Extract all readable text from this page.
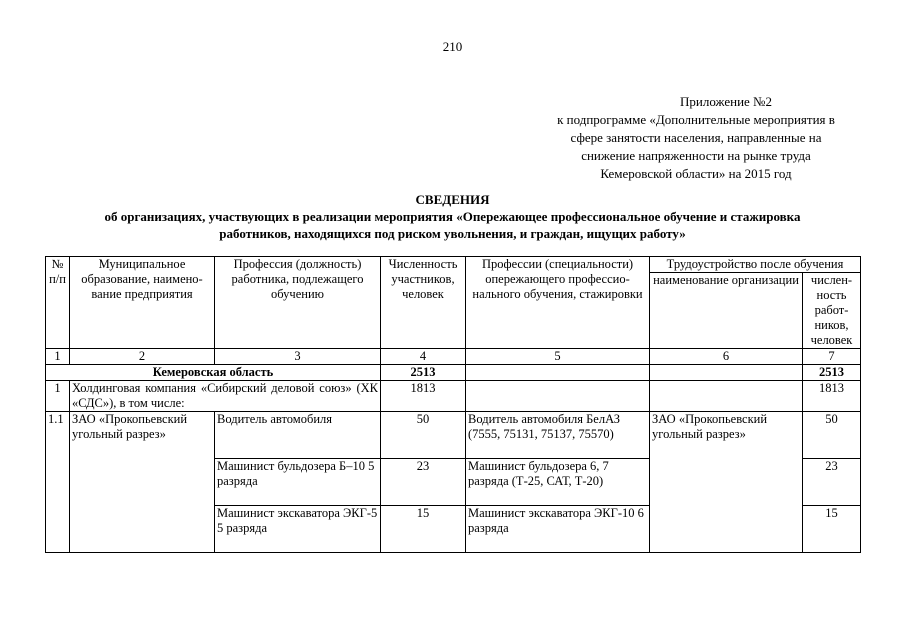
210
Приложение №2
к подпрограмме «Дополнительные мероприятия в
сфере занятости населения, направленные на
снижение напряженности на рынке труда
Кемеровской области» на 2015 год
СВЕДЕНИЯ
об организациях, участвующих в реализации мероприятия «Опережающее профессиональное обучение и стажировка
работников, находящихся под риском увольнения, и граждан, ищущих работу»
№ п/п	Муниципальное образование, наимено-вание предприятия	Профессия (должность) работника, подлежащего обучению	Численность участников, человек	Профессии (специальности) опережающего профессио-нального обучения, стажировки	Трудоустройство после обучения	
					наименование организации	числен-ность работ-ников, человек
1	2	3	4	5	6	7
Кемеровская область			2513			2513
1	Холдинговая компания «Сибирский деловой союз» (ХК «СДС»), в том числе:		1813			1813
1.1	ЗАО «Прокопьевский угольный разрез»	Водитель автомобиля	50	Водитель автомобиля БелАЗ (7555, 75131, 75137, 75570)	ЗАО «Прокопьевский угольный разрез»	50
		Машинист бульдозера Б–10 5 разряда	23	Машинист бульдозера 6, 7 разряда (Т-25, САТ, Т-20)		23
		Машинист экскаватора ЭКГ-5 5 разряда	15	Машинист экскаватора ЭКГ-10 6 разряда		15
